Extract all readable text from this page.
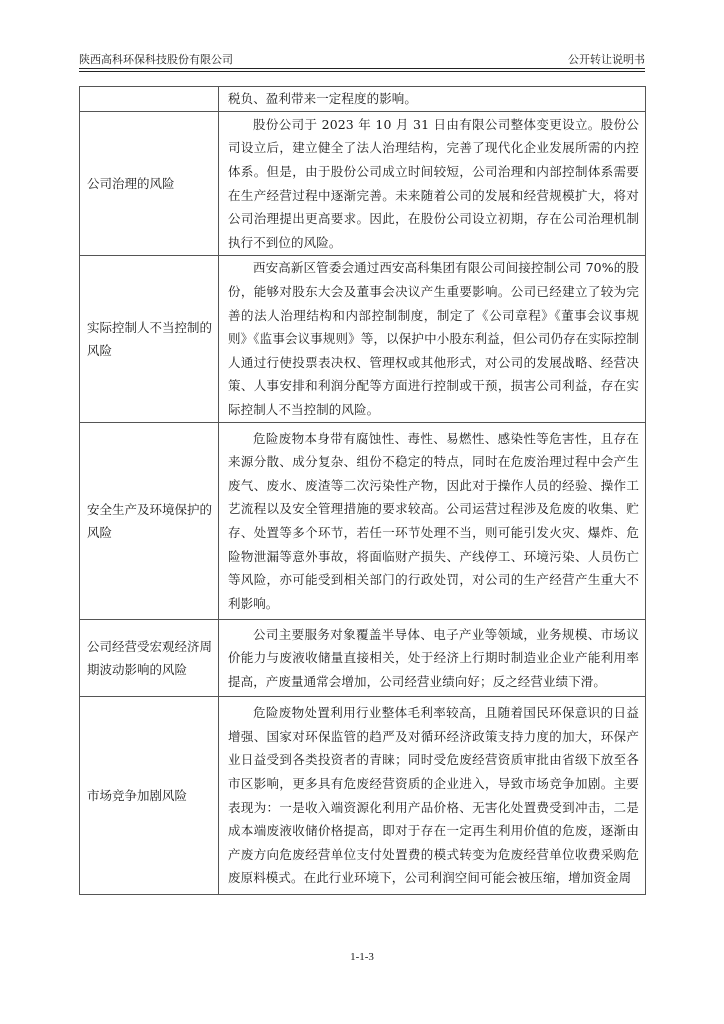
陕西高科环保科技股份有限公司	公开转让说明书
	税负、盈利带来一定程度的影响。
公司治理的风险	股份公司于 2023 年 10 月 31 日由有限公司整体变更设立。股份公司设立后，建立健全了法人治理结构，完善了现代化企业发展所需的内控体系。但是，由于股份公司成立时间较短，公司治理和内部控制体系需要在生产经营过程中逐渐完善。未来随着公司的发展和经营规模扩大，将对公司治理提出更高要求。因此，在股份公司设立初期，存在公司治理机制执行不到位的风险。
实际控制人不当控制的风险	西安高新区管委会通过西安高科集团有限公司间接控制公司 70%的股份，能够对股东大会及董事会决议产生重要影响。公司已经建立了较为完善的法人治理结构和内部控制制度，制定了《公司章程》《董事会议事规则》《监事会议事规则》等，以保护中小股东利益，但公司仍存在实际控制人通过行使投票表决权、管理权或其他形式，对公司的发展战略、经营决策、人事安排和利润分配等方面进行控制或干预，损害公司利益，存在实际控制人不当控制的风险。
安全生产及环境保护的风险	危险废物本身带有腐蚀性、毒性、易燃性、感染性等危害性，且存在来源分散、成分复杂、组份不稳定的特点，同时在危废治理过程中会产生废气、废水、废渣等二次污染性产物，因此对于操作人员的经验、操作工艺流程以及安全管理措施的要求较高。公司运营过程涉及危废的收集、贮存、处置等多个环节，若任一环节处理不当，则可能引发火灾、爆炸、危险物泄漏等意外事故，将面临财产损失、产线停工、环境污染、人员伤亡等风险，亦可能受到相关部门的行政处罚，对公司的生产经营产生重大不利影响。
公司经营受宏观经济周期波动影响的风险	公司主要服务对象覆盖半导体、电子产业等领域，业务规模、市场议价能力与废液收储量直接相关，处于经济上行期时制造业企业产能利用率提高，产废量通常会增加，公司经营业绩向好；反之经营业绩下滑。
市场竞争加剧风险	危险废物处置利用行业整体毛利率较高，且随着国民环保意识的日益增强、国家对环保监管的趋严及对循环经济政策支持力度的加大，环保产业日益受到各类投资者的青睐；同时受危废经营资质审批由省级下放至各市区影响，更多具有危废经营资质的企业进入，导致市场竞争加剧。主要表现为：一是收入端资源化利用产品价格、无害化处置费受到冲击，二是成本端废液收储价格提高，即对于存在一定再生利用价值的危废，逐渐由产废方向危废经营单位支付处置费的模式转变为危废经营单位收费采购危废原料模式。在此行业环境下，公司利润空间可能会被压缩，增加资金周
1-1-3
